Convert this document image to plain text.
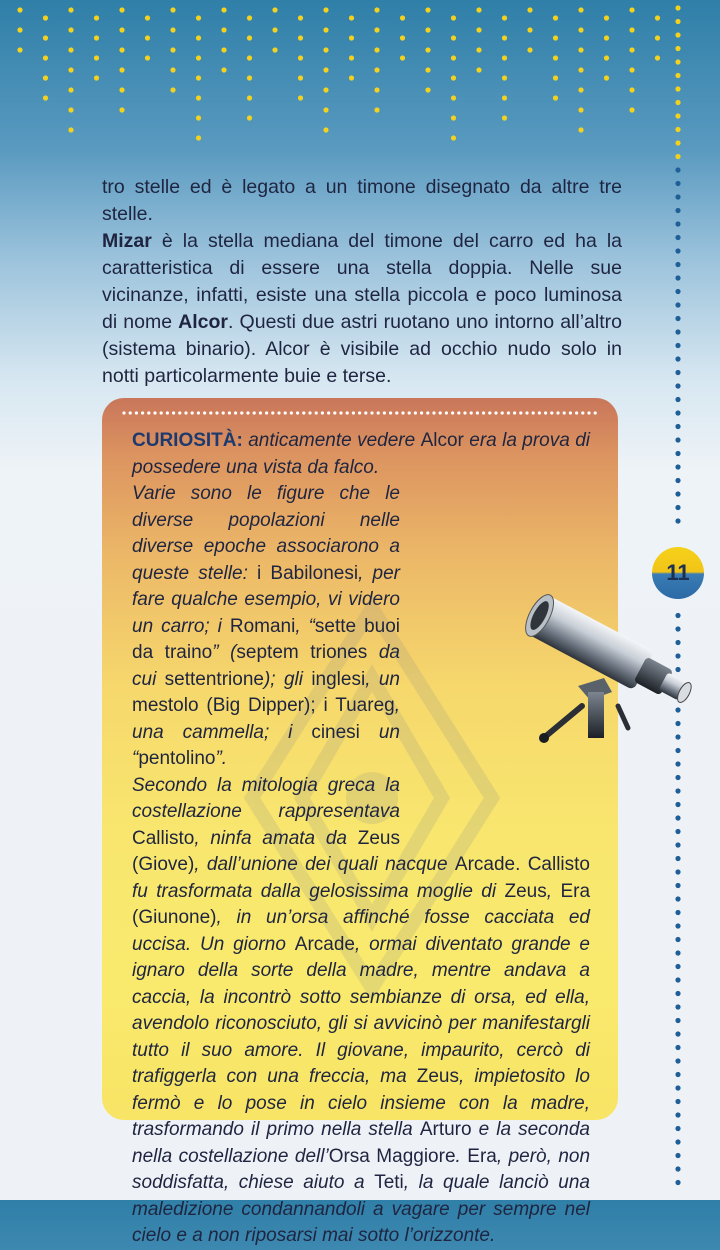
11

tro stelle ed è legato a un timone disegnato da altre tre stelle.

Mizar è la stella mediana del timone del carro ed ha la caratteristica di essere una stella doppia. Nelle sue vicinanze, infatti, esiste una stella piccola e poco luminosa di nome Alcor. Questi due astri ruotano uno intorno all’altro (sistema binario). Alcor è visibile ad occhio nudo solo in notti particolarmente buie e terse.

CURIOSITÀ: anticamente vedere Alcor era la prova di possedere una vista da falco.

Varie sono le figure che le diverse popolazioni nelle diverse epoche associarono a queste stelle: i Babilonesi, per fare qualche esempio, vi videro un carro; i Romani, “sette buoi da traino” (septem triones da cui settentrione); gli inglesi, un mestolo (Big Dipper); i Tuareg, una cammella; i cinesi un “pentolino”.

Secondo la mitologia greca la costellazione rappresentava Callisto, ninfa amata da Zeus (Giove), dall’unione dei quali nacque Arcade. Callisto fu trasformata dalla gelosissima moglie di Zeus, Era (Giunone), in un’orsa affinché fosse cacciata ed uccisa. Un giorno Arcade, ormai diventato grande e ignaro della sorte della madre, mentre andava a caccia, la incontrò sotto sembianze di orsa, ed ella, avendolo riconosciuto, gli si avvicinò per manifestargli tutto il suo amore. Il giovane, impaurito, cercò di trafiggerla con una freccia, ma Zeus, impietosito lo fermò e lo pose in cielo insieme con la madre, trasformando il primo nella stella Arturo e la seconda nella costellazione dell’Orsa Maggiore. Era, però, non soddisfatta, chiese aiuto a Teti, la quale lanciò una maledizione condannandoli a vagare per sempre nel cielo e a non riposarsi mai sotto l’orizzonte.
